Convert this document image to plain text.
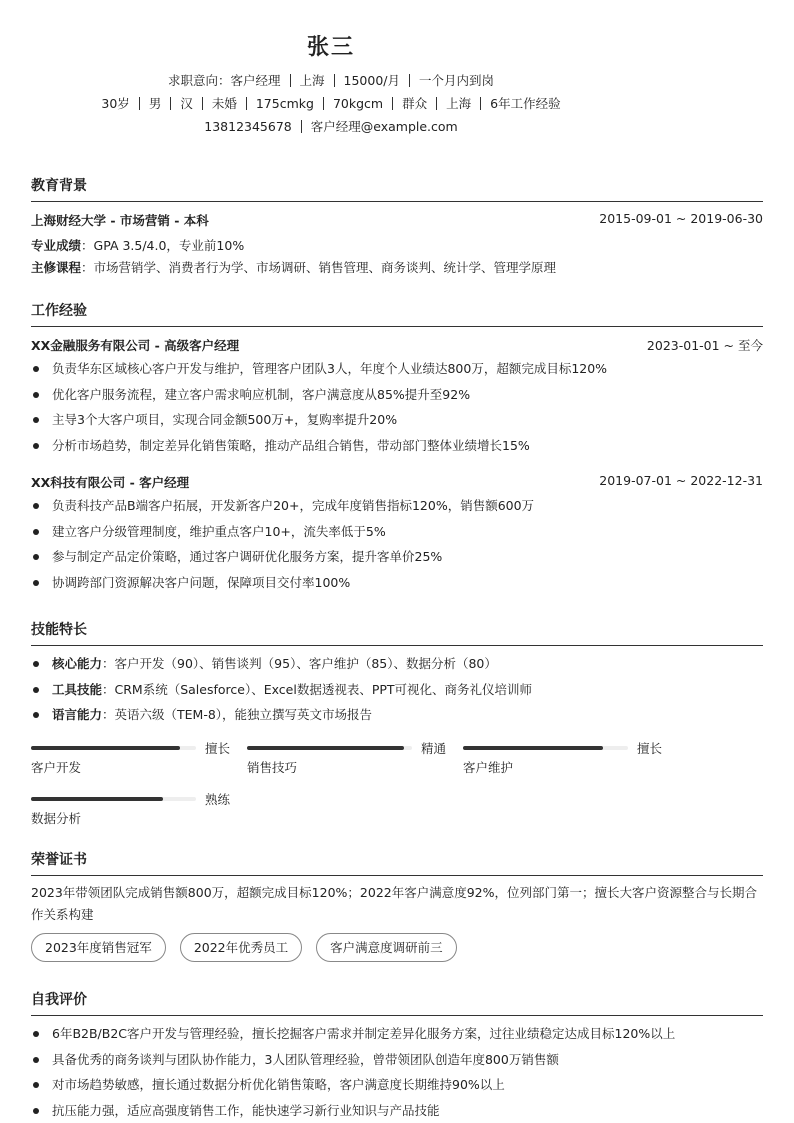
张三
求职意向：客户经理 上海 15000/月 一个月内到岗
30岁 男 汉 未婚 175cmkg 70kgcm 群众 上海 6年工作经验
13812345678 客户经理@example.com
教育背景
上海财经大学 - 市场营销 - 本科	2015-09-01 ~ 2019-06-30
专业成绩：GPA 3.5/4.0，专业前10%
主修课程：市场营销学、消费者行为学、市场调研、销售管理、商务谈判、统计学、管理学原理
工作经验
XX金融服务有限公司 - 高级客户经理	2023-01-01 ~ 至今
负责华东区域核心客户开发与维护，管理客户团队3人，年度个人业绩达800万，超额完成目标120%
优化客户服务流程，建立客户需求响应机制，客户满意度从85%提升至92%
主导3个大客户项目，实现合同金额500万+，复购率提升20%
分析市场趋势，制定差异化销售策略，推动产品组合销售，带动部门整体业绩增长15%
XX科技有限公司 - 客户经理	2019-07-01 ~ 2022-12-31
负责科技产品B端客户拓展，开发新客户20+，完成年度销售指标120%，销售额600万
建立客户分级管理制度，维护重点客户10+，流失率低于5%
参与制定产品定价策略，通过客户调研优化服务方案，提升客单价25%
协调跨部门资源解决客户问题，保障项目交付率100%
技能特长
核心能力：客户开发（90）、销售谈判（95）、客户维护（85）、数据分析（80）
工具技能：CRM系统（Salesforce）、Excel数据透视表、PPT可视化、商务礼仪培训师
语言能力：英语六级（TEM-8），能独立撰写英文市场报告
擅长
客户开发
精通
销售技巧
擅长
客户维护
熟练
数据分析
荣誉证书
2023年带领团队完成销售额800万，超额完成目标120%；2022年客户满意度92%，位列部门第一；擅长大客户资源整合与长期合作关系构建
2023年度销售冠军	2022年优秀员工	客户满意度调研前三
自我评价
6年B2B/B2C客户开发与管理经验，擅长挖掘客户需求并制定差异化服务方案，过往业绩稳定达成目标120%以上
具备优秀的商务谈判与团队协作能力，3人团队管理经验，曾带领团队创造年度800万销售额
对市场趋势敏感，擅长通过数据分析优化销售策略，客户满意度长期维持90%以上
抗压能力强，适应高强度销售工作，能快速学习新行业知识与产品技能
